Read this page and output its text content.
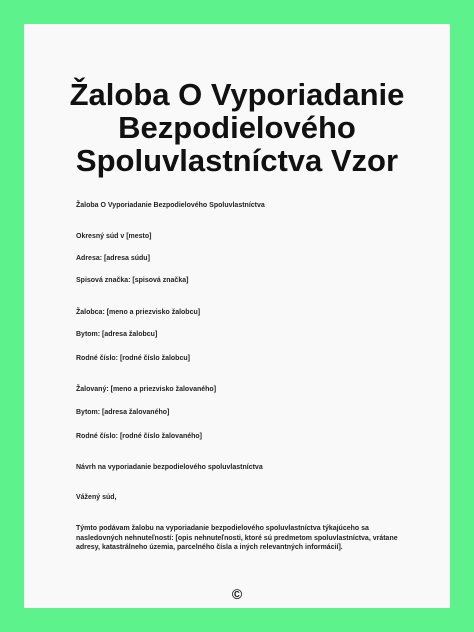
Žaloba O Vyporiadanie Bezpodielového Spoluvlastníctva Vzor

Žaloba O Vyporiadanie Bezpodielového Spoluvlastníctva

Okresný súd v [mesto]

Adresa: [adresa súdu]

Spisová značka: [spisová značka]

Žalobca: [meno a priezvisko žalobcu]

Bytom: [adresa žalobcu]

Rodné číslo: [rodné číslo žalobcu]

Žalovaný: [meno a priezvisko žalovaného]

Bytom: [adresa žalovaného]

Rodné číslo: [rodné číslo žalovaného]

Návrh na vyporiadanie bezpodielového spoluvlastníctva

Vážený súd,

Týmto podávam žalobu na vyporiadanie bezpodielového spoluvlastníctva týkajúceho sa nasledovných nehnuteľností: [opis nehnuteľnosti, ktoré sú predmetom spoluvlastníctva, vrátane adresy, katastrálneho územia, parcelného čísla a iných relevantných informácií].

©
